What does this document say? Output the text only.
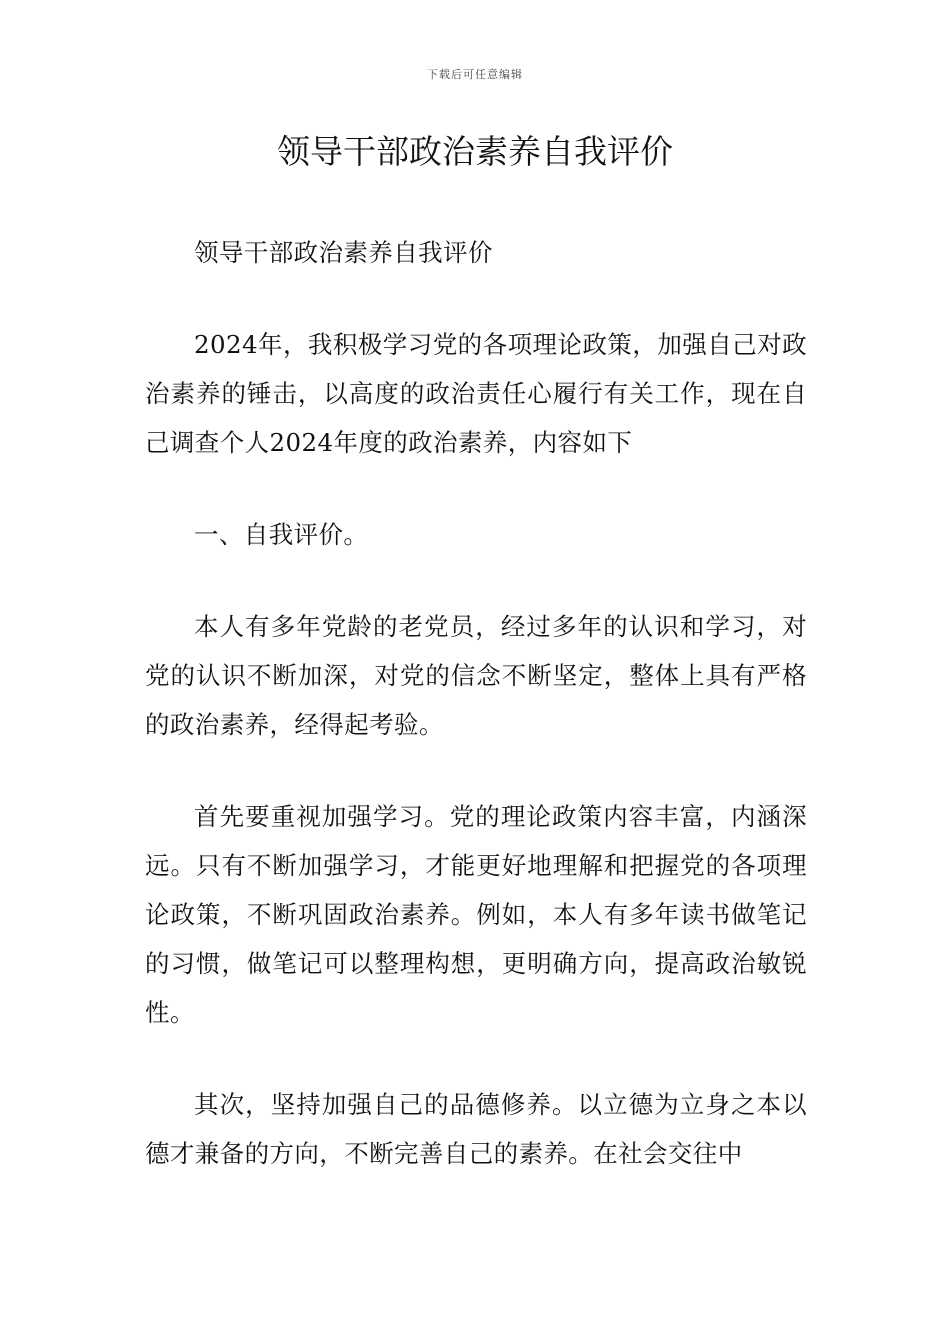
下载后可任意编辑
领导干部政治素养自我评价

领导干部政治素养自我评价

2024年，我积极学习党的各项理论政策，加强自己对政治素养的锤击，以高度的政治责任心履行有关工作，现在自己调查个人2024年度的政治素养，内容如下

一、自我评价。

本人有多年党龄的老党员，经过多年的认识和学习，对党的认识不断加深，对党的信念不断坚定，整体上具有严格的政治素养，经得起考验。

首先要重视加强学习。党的理论政策内容丰富，内涵深远。只有不断加强学习，才能更好地理解和把握党的各项理论政策，不断巩固政治素养。例如，本人有多年读书做笔记的习惯，做笔记可以整理构想，更明确方向，提高政治敏锐性。

其次，坚持加强自己的品德修养。以立德为立身之本以德才兼备的方向，不断完善自己的素养。在社会交往中
